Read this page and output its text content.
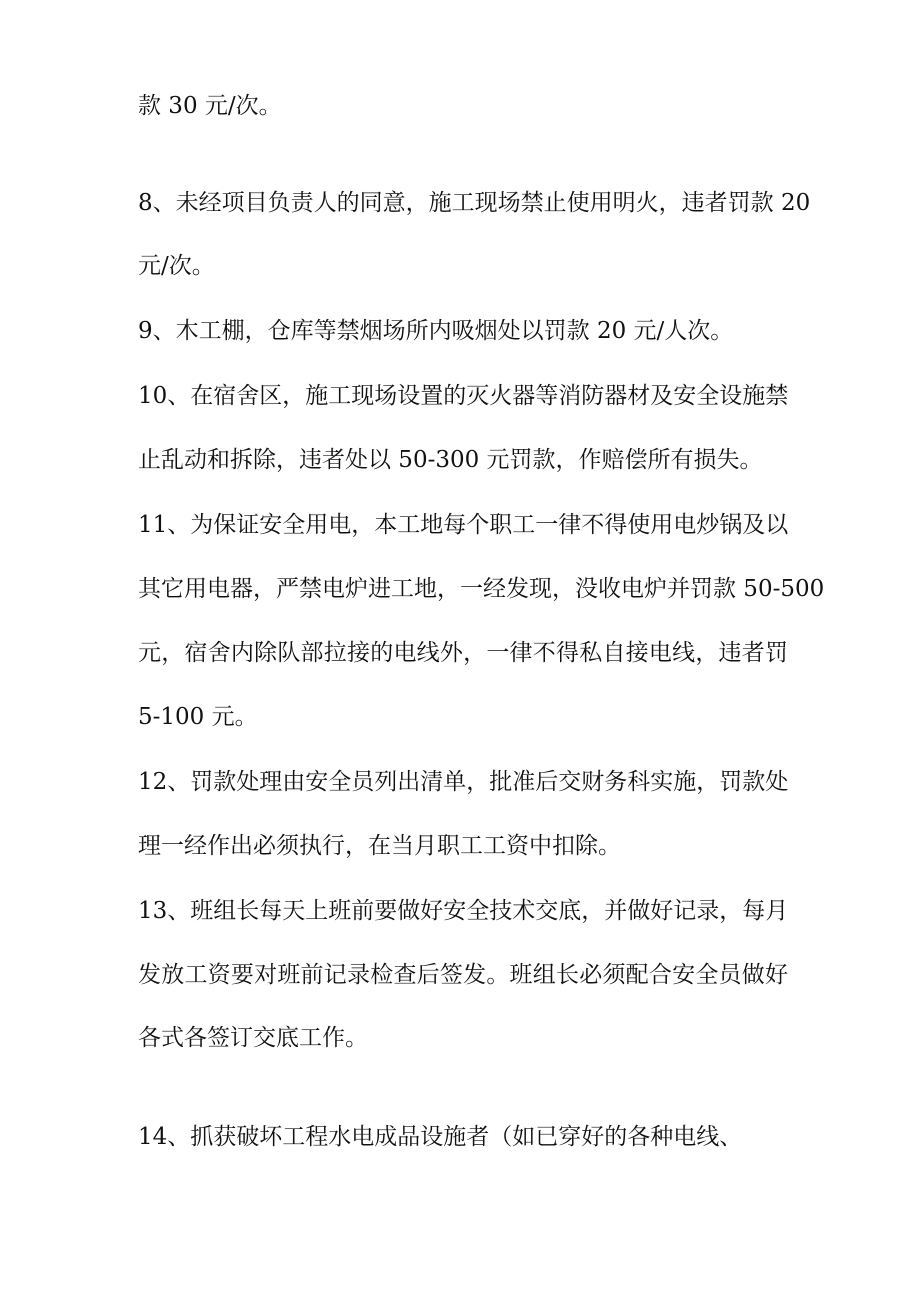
款 30 元/次。
8、未经项目负责人的同意，施工现场禁止使用明火，违者罚款 20
元/次。
9、木工棚，仓库等禁烟场所内吸烟处以罚款 20 元/人次。
10、在宿舍区，施工现场设置的灭火器等消防器材及安全设施禁
止乱动和拆除，违者处以 50-300 元罚款，作赔偿所有损失。
11、为保证安全用电，本工地每个职工一律不得使用电炒锅及以
其它用电器，严禁电炉进工地，一经发现，没收电炉并罚款 50-500
元，宿舍内除队部拉接的电线外，一律不得私自接电线，违者罚
5-100 元。
12、罚款处理由安全员列出清单，批准后交财务科实施，罚款处
理一经作出必须执行，在当月职工工资中扣除。
13、班组长每天上班前要做好安全技术交底，并做好记录，每月
发放工资要对班前记录检查后签发。班组长必须配合安全员做好
各式各签订交底工作。
14、抓获破坏工程水电成品设施者（如已穿好的各种电线、
